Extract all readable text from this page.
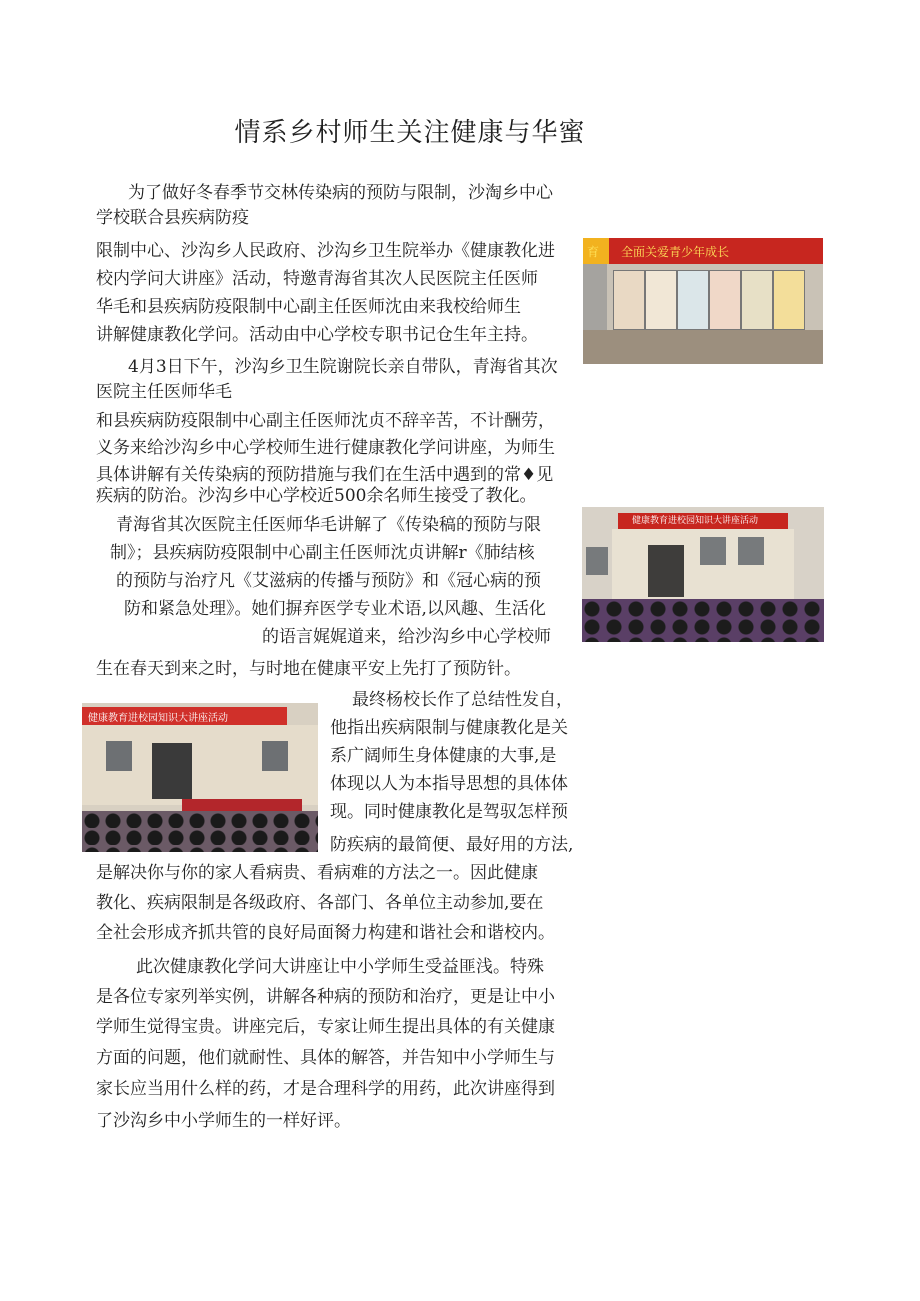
情系乡村师生关注健康与华蜜
为了做好冬春季节交林传染病的预防与限制，沙淘乡中心
学校联合县疾病防疫
限制中心、沙沟乡人民政府、沙沟乡卫生院举办《健康教化进
校内学问大讲座》活动，特邀青海省其次人民医院主任医师
华毛和县疾病防疫限制中心副主任医师沈由来我校给师生
讲解健康教化学问。活动由中心学校专职书记仓生年主持。
4月3日下午，沙沟乡卫生院谢院长亲自带队，青海省其次
医院主任医师华毛
和县疾病防疫限制中心副主任医师沈贞不辞辛苦，不计酬劳，
义务来给沙沟乡中心学校师生进行健康教化学问讲座，为师生
具体讲解有关传染病的预防措施与我们在生活中遇到的常♦见
疾病的防治。沙沟乡中心学校近500余名师生接受了教化。
青海省其次医院主任医师华毛讲解了《传染稿的预防与限
制》；县疾病防疫限制中心副主任医师沈贞讲解r《肺结核
的预防与治疗凡《艾滋病的传播与预防》和《冠心病的预
防和紧急处理》。她们摒弃医学专业术语,以风趣、生活化
的语言娓娓道来，给沙沟乡中心学校师
生在春天到来之时，与时地在健康平安上先打了预防针。
最终杨校长作了总结性发自，
他指出疾病限制与健康教化是关
系广阔师生身体健康的大事,是
体现以人为本指导思想的具体体
现。同时健康教化是驾驭怎样预
防疾病的最简便、最好用的方法,
是解决你与你的家人看病贵、看病难的方法之一。因此健康
教化、疾病限制是各级政府、各部门、各单位主动参加,要在
全社会形成齐抓共管的良好局面胬力构建和谐社会和谐校内。
此次健康教化学问大讲座让中小学师生受益匪浅。特殊
是各位专家列举实例，讲解各种病的预防和治疗，更是让中小
学师生觉得宝贵。讲座完后，专家让师生提出具体的有关健康
方面的问题，他们就耐性、具体的解答，并告知中小学师生与
家长应当用什么样的药，才是合理科学的用药，此次讲座得到
了沙沟乡中小学师生的一样好评。
育 全面关爱青少年成长
健康教育进校园知识大讲座活动
健康教育进校园知识大讲座活动
